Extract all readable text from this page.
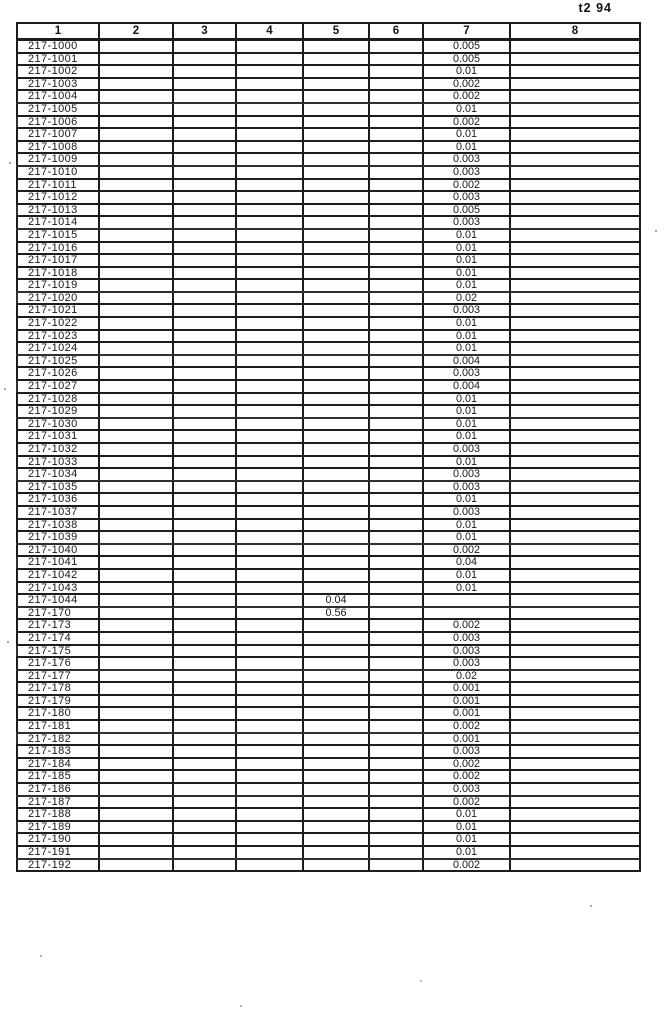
t2 94
1	2	3	4	5	6	7	8
217-1000						0.005	
217-1001						0.005	
217-1002						0.01	
217-1003						0.002	
217-1004						0.002	
217-1005						0.01	
217-1006						0.002	
217-1007						0.01	
217-1008						0.01	
217-1009						0.003	
217-1010						0.003	
217-1011						0.002	
217-1012						0.003	
217-1013						0.005	
217-1014						0.003	
217-1015						0.01	
217-1016						0.01	
217-1017						0.01	
217-1018						0.01	
217-1019						0.01	
217-1020						0.02	
217-1021						0.003	
217-1022						0.01	
217-1023						0.01	
217-1024						0.01	
217-1025						0.004	
217-1026						0.003	
217-1027						0.004	
217-1028						0.01	
217-1029						0.01	
217-1030						0.01	
217-1031						0.01	
217-1032						0.003	
217-1033						0.01	
217-1034						0.003	
217-1035						0.003	
217-1036						0.01	
217-1037						0.003	
217-1038						0.01	
217-1039						0.01	
217-1040						0.002	
217-1041						0.04	
217-1042						0.01	
217-1043						0.01	
217-1044				0.04			
217-170				0.56			
217-173						0.002	
217-174						0.003	
217-175						0.003	
217-176						0.003	
217-177						0.02	
217-178						0.001	
217-179						0.001	
217-180						0.001	
217-181						0.002	
217-182						0.001	
217-183						0.003	
217-184						0.002	
217-185						0.002	
217-186						0.003	
217-187						0.002	
217-188						0.01	
217-189						0.01	
217-190						0.01	
217-191						0.01	
217-192						0.002	
